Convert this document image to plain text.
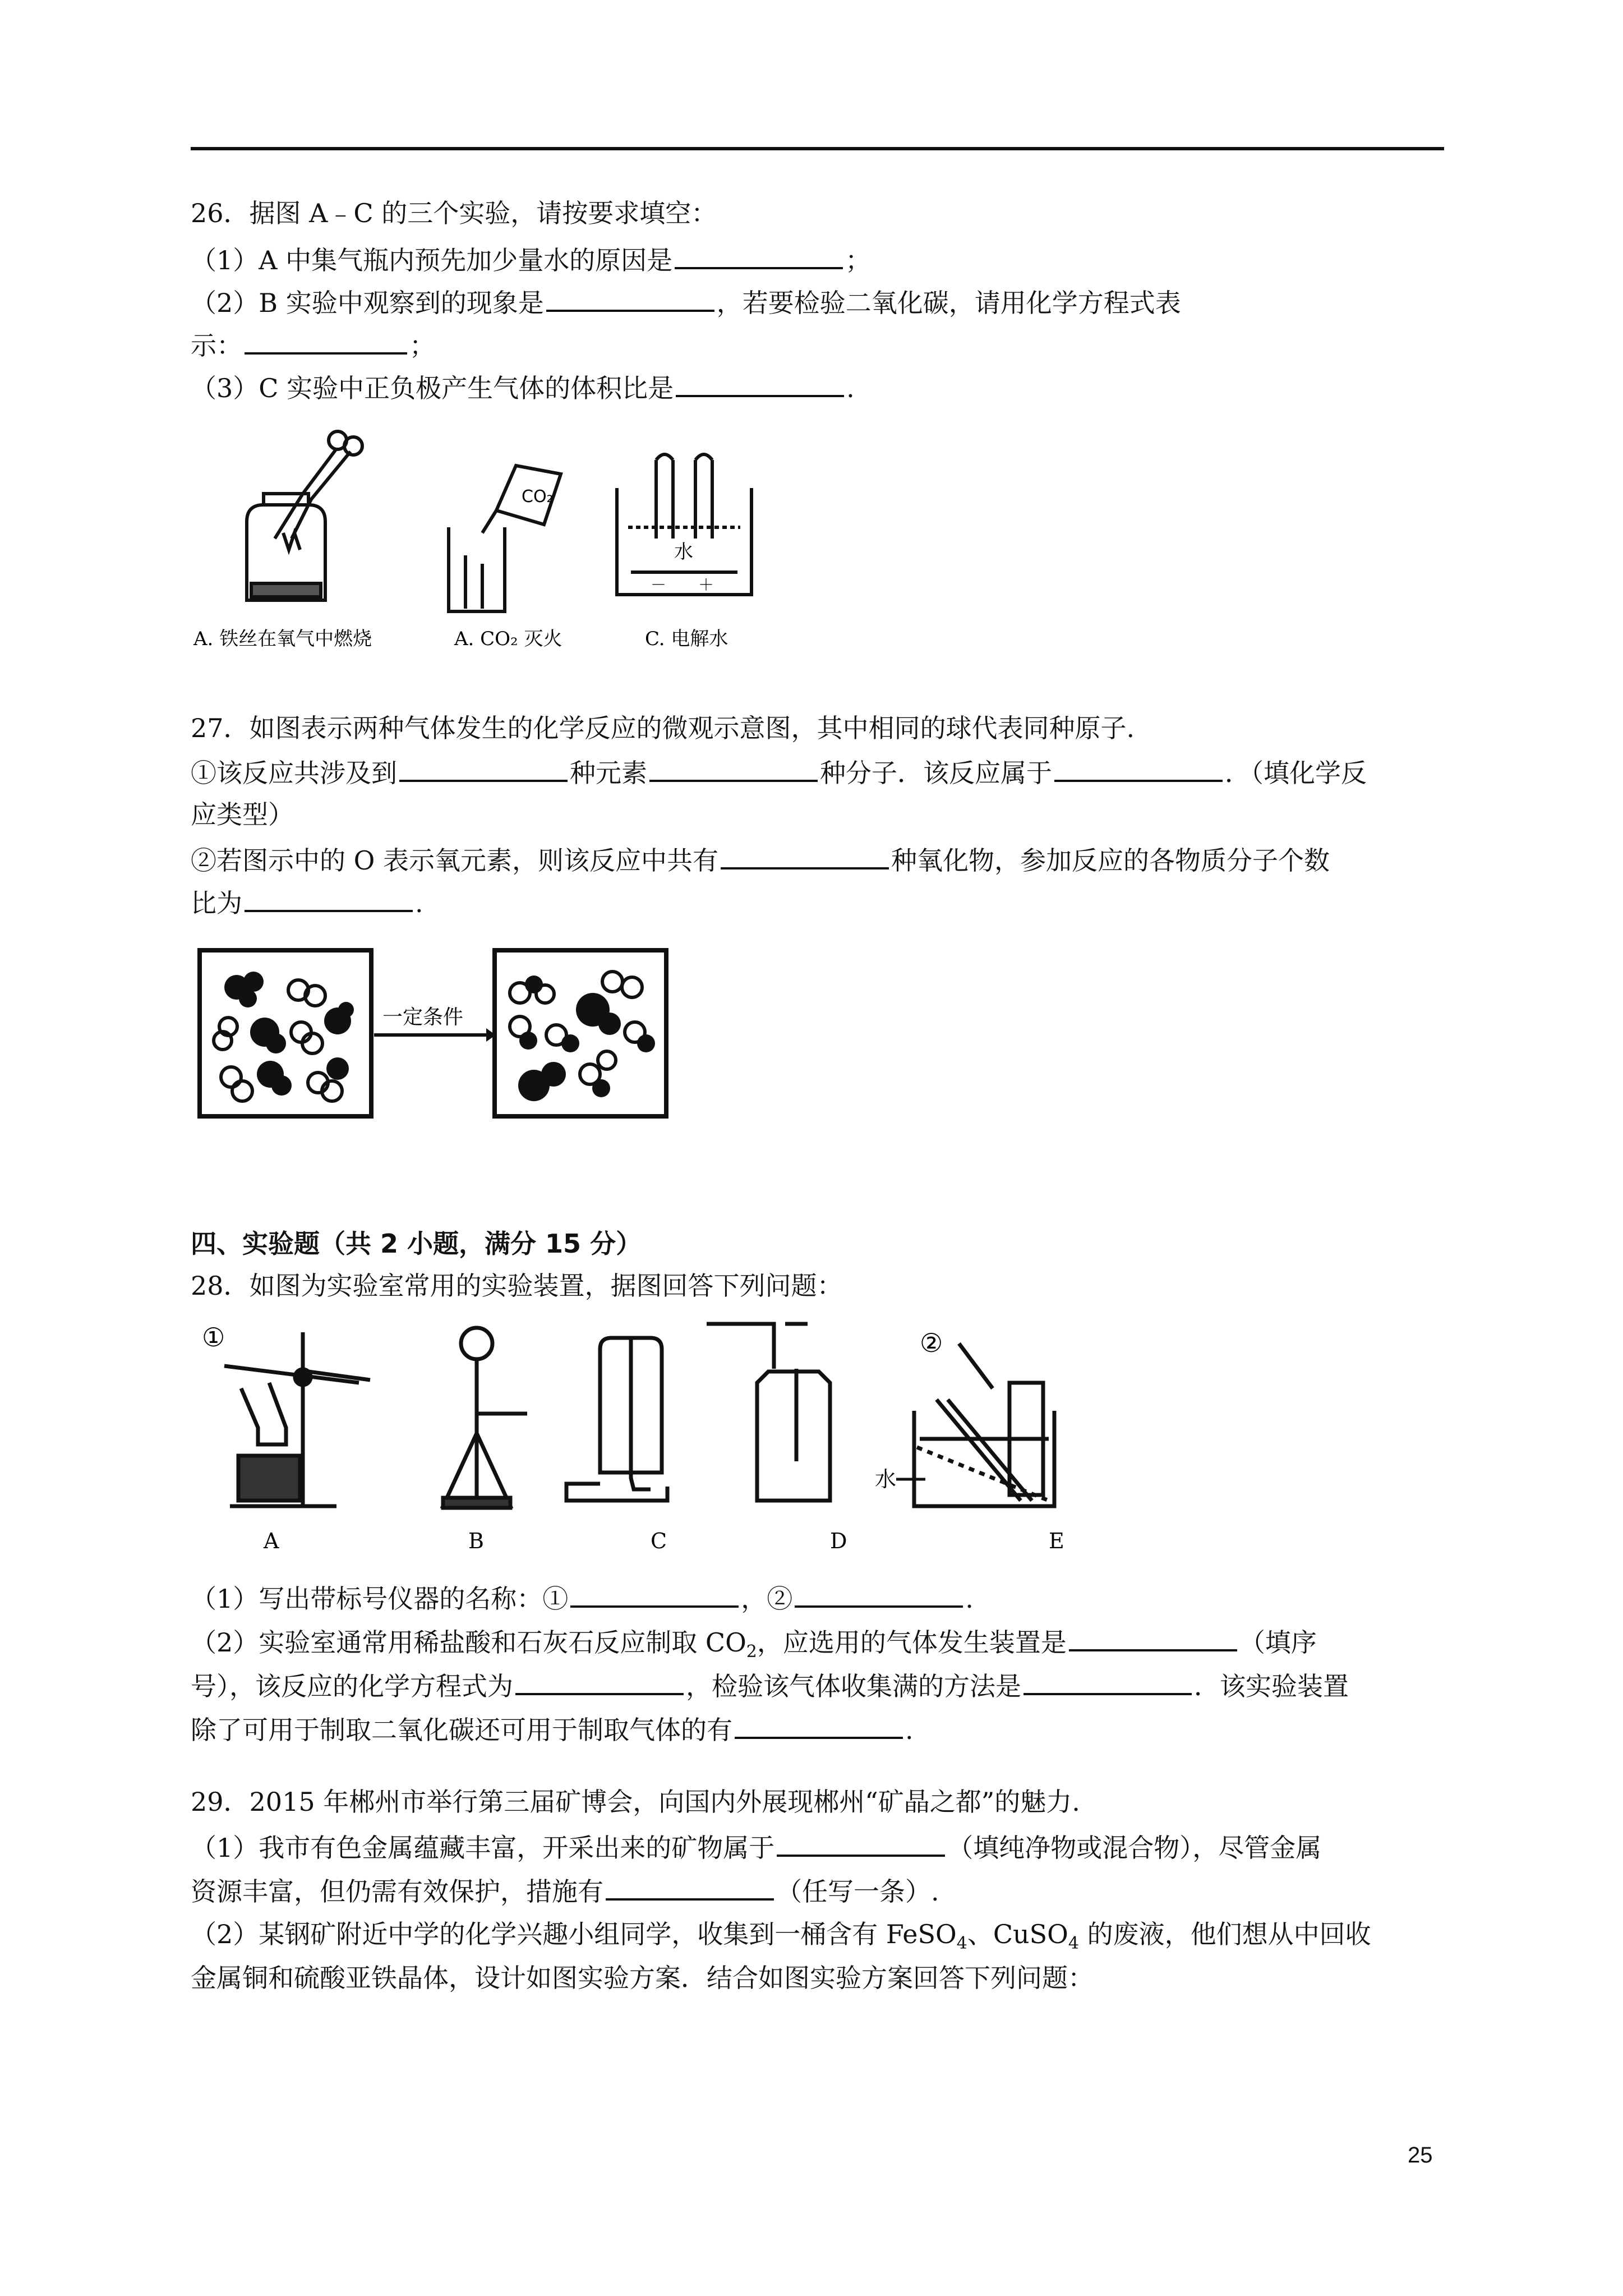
26．据图 A﹣C 的三个实验，请按要求填空：
（1）A 中集气瓶内预先加少量水的原因是	；
（2）B 实验中观察到的现象是	，若要检验二氧化碳，请用化学方程式表
示：	；
（3）C 实验中正负极产生气体的体积比是	.
CO₂
水
－ ＋
A. 铁丝在氧气中燃烧	A. CO₂ 灭火	C. 电解水
27．如图表示两种气体发生的化学反应的微观示意图，其中相同的球代表同种原子.
①该反应共涉及到	种元素	种分子．该反应属于	．（填化学反
应类型）
②若图示中的 O 表示氧元素，则该反应中共有	种氧化物，参加反应的各物质分子个数
比为	.
一定条件
四、实验题（共 2 小题，满分 15 分）
28．如图为实验室常用的实验装置，据图回答下列问题：
①	②
水
A	B	C	D	E
（1）写出带标号仪器的名称：①	，②	.
（2）实验室通常用稀盐酸和石灰石反应制取 $CO_2$，应选用的气体发生装置是	（填序
号），该反应的化学方程式为	，检验该气体收集满的方法是	．该实验装置
除了可用于制取二氧化碳还可用于制取气体的有	.
29．2015 年郴州市举行第三届矿博会，向国内外展现郴州“矿晶之都”的魅力.
（1）我市有色金属蕴藏丰富，开采出来的矿物属于	（填纯净物或混合物），尽管金属
资源丰富，但仍需有效保护，措施有	（任写一条）.
（2）某钢矿附近中学的化学兴趣小组同学，收集到一桶含有 FeSO$_4$、CuSO$_4$ 的废液，他们想从中回收
金属铜和硫酸亚铁晶体，设计如图实验方案．结合如图实验方案回答下列问题：
25
